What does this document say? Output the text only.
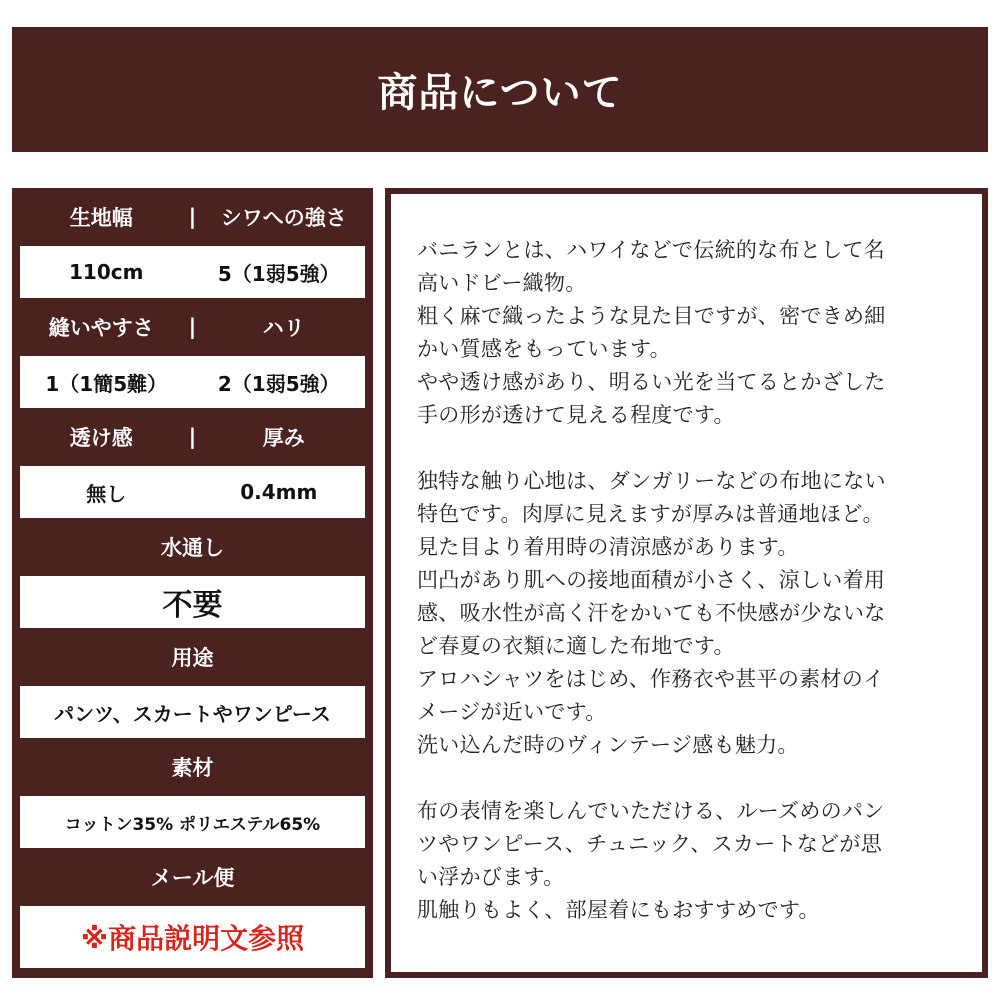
商品について
生地幅	|	シワへの強さ
110cm	5（1弱5強）
縫いやすさ	|	ハリ
1（1簡5難）	2（1弱5強）
透け感	|	厚み
無し	0.4mm
水通し
不要
用途
パンツ、スカートやワンピース
素材
コットン35% ポリエステル65%
メール便
※商品説明文参照

バニランとは、ハワイなどで伝統的な布として名
高いドビー織物。
粗く麻で織ったような見た目ですが、密できめ細
かい質感をもっています。
やや透け感があり、明るい光を当てるとかざした
手の形が透けて見える程度です。

独特な触り心地は、ダンガリーなどの布地にない
特色です。肉厚に見えますが厚みは普通地ほど。
見た目より着用時の清涼感があります。
凹凸があり肌への接地面積が小さく、涼しい着用
感、吸水性が高く汗をかいても不快感が少ないな
ど春夏の衣類に適した布地です。
アロハシャツをはじめ、作務衣や甚平の素材のイ
メージが近いです。
洗い込んだ時のヴィンテージ感も魅力。

布の表情を楽しんでいただける、ルーズめのパン
ツやワンピース、チュニック、スカートなどが思
い浮かびます。
肌触りもよく、部屋着にもおすすめです。
